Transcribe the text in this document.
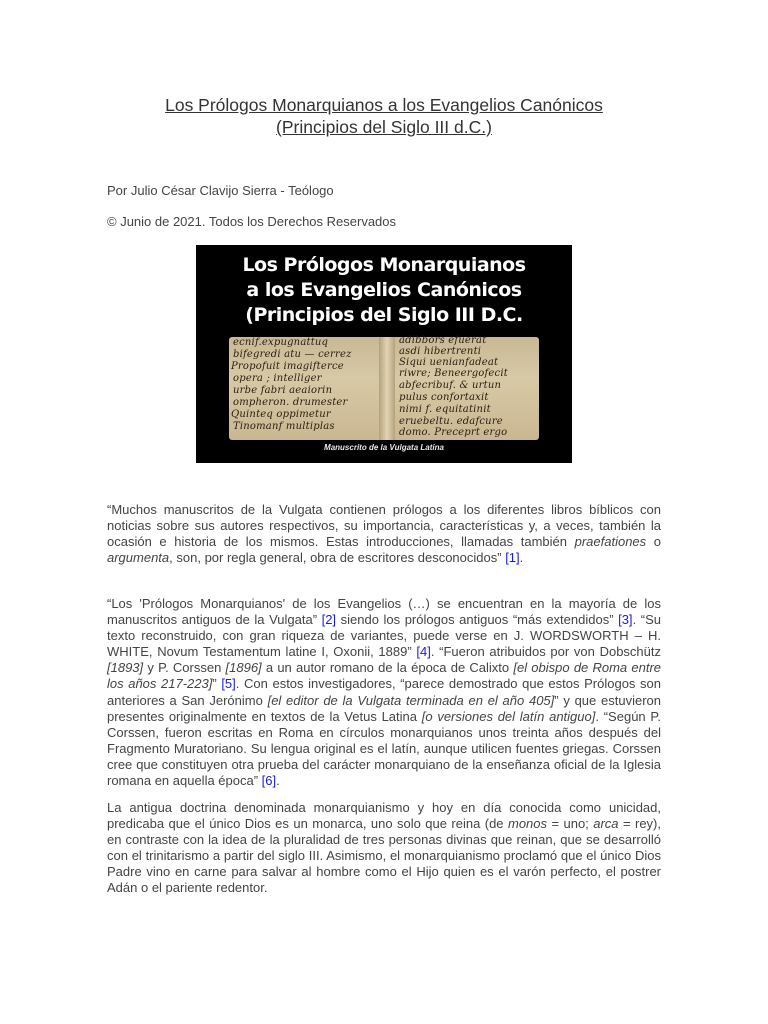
Los Prólogos Monarquianos a los Evangelios Canónicos
(Principios del Siglo III d.C.)
Por Julio César Clavijo Sierra - Teólogo
© Junio de 2021. Todos los Derechos Reservados
Los Prólogos Monarquianos
a los Evangelios Canónicos
(Principios del Siglo III D.C.
ecnif.expugnattuq
bifegredi atu — cerrez
Propofuit imagifterce
opera ; intelliger
urbe fabri aeaiorin
ompheron. drumester
Quinteq oppimetur
Tinomanf multiplas
adibbors efuerat
asdi hibertrenti
Siqui uenianfadeat
riwre; Beneergofecit
abfecribuf. & urtun
pulus confortaxit
nimi f. equitatinit
eruebeltu. edafcure
domo. Preceprt ergo
Manuscrito de la Vulgata Latina
“Muchos manuscritos de la Vulgata contienen prólogos a los diferentes libros bíblicos con noticias sobre sus autores respectivos, su importancia, características y, a veces, también la ocasión e historia de los mismos. Estas introducciones, llamadas también praefationes o argumenta, son, por regla general, obra de escritores desconocidos” [1].
“Los 'Prólogos Monarquianos' de los Evangelios (…) se encuentran en la mayoría de los manuscritos antiguos de la Vulgata” [2] siendo los prólogos antiguos “más extendidos” [3]. “Su texto reconstruido, con gran riqueza de variantes, puede verse en J. WORDSWORTH – H. WHITE, Novum Testamentum latine I, Oxonii, 1889” [4]. “Fueron atribuidos por von Dobschütz [1893] y P. Corssen [1896] a un autor romano de la época de Calixto [el obispo de Roma entre los años 217-223]” [5]. Con estos investigadores, “parece demostrado que estos Prólogos son anteriores a San Jerónimo [el editor de la Vulgata terminada en el año 405]” y que estuvieron presentes originalmente en textos de la Vetus Latina [o versiones del latín antiguo]. “Según P. Corssen, fueron escritas en Roma en círculos monarquianos unos treinta años después del Fragmento Muratoriano. Su lengua original es el latín, aunque utilicen fuentes griegas. Corssen cree que constituyen otra prueba del carácter monarquiano de la enseñanza oficial de la Iglesia romana en aquella época” [6].
La antigua doctrina denominada monarquianismo y hoy en día conocida como unicidad, predicaba que el único Dios es un monarca, uno solo que reina (de monos = uno; arca = rey), en contraste con la idea de la pluralidad de tres personas divinas que reinan, que se desarrolló con el trinitarismo a partir del siglo III. Asimismo, el monarquianismo proclamó que el único Dios Padre vino en carne para salvar al hombre como el Hijo quien es el varón perfecto, el postrer Adán o el pariente redentor.
